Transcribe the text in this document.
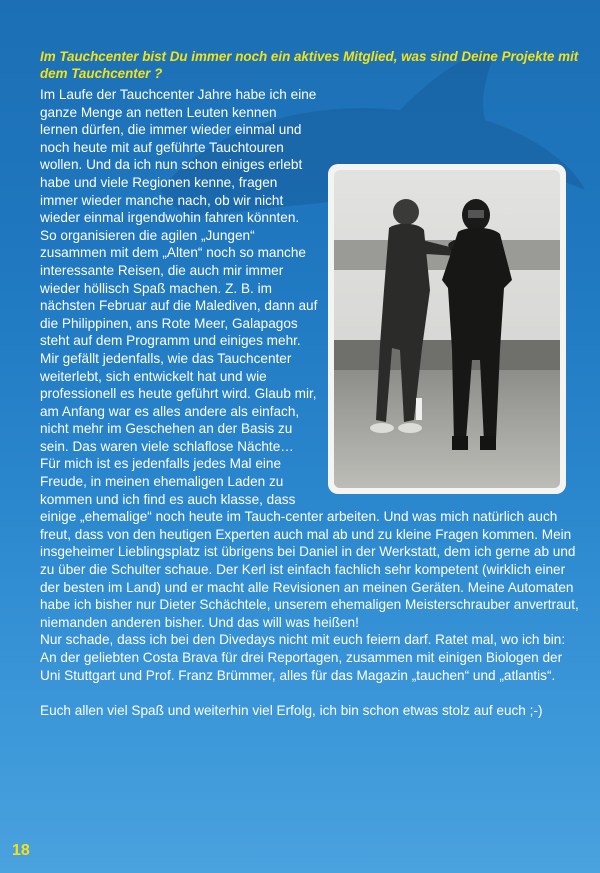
Im Tauchcenter bist Du immer noch ein aktives Mitglied, was sind Deine Projekte mit dem Tauchcenter ?

Im Laufe der Tauchcenter Jahre habe ich eine ganze Menge an netten Leuten kennen lernen dürfen, die immer wieder einmal und noch heute mit auf geführte Tauchtouren wollen. Und da ich nun schon einiges erlebt habe und viele Regionen kenne, fragen immer wieder manche nach, ob wir nicht wieder einmal irgendwohin fahren könnten. So organisieren die agilen „Jungen“ zusammen mit dem „Alten“ noch so manche interessante Reisen, die auch mir immer wieder höllisch Spaß machen. Z. B. im nächsten Februar auf die Malediven, dann auf die Philippinen, ans Rote Meer, Galapagos steht auf dem Programm und einiges mehr. Mir gefällt jedenfalls, wie das Tauchcenter weiterlebt, sich entwickelt hat und wie professionell es heute geführt wird. Glaub mir, am Anfang war es alles andere als einfach, nicht mehr im Geschehen an der Basis zu sein. Das waren viele schlaflose Nächte…

Für mich ist es jedenfalls jedes Mal eine Freude, in meinen ehemaligen Laden zu kommen und ich find es auch klasse, dass einige „ehemalige“ noch heute im Tauch-center arbeiten. Und was mich natürlich auch freut, dass von den heutigen Experten auch mal ab und zu kleine Fragen kommen. Mein insgeheimer Lieblingsplatz ist übrigens bei Daniel in der Werkstatt, dem ich gerne ab und zu über die Schulter schaue. Der Kerl ist einfach fachlich sehr kompetent (wirklich einer der besten im Land) und er macht alle Revisionen an meinen Geräten. Meine Automaten habe ich bisher nur Dieter Schächtele, unserem ehemaligen Meisterschrauber anvertraut, niemanden anderen bisher. Und das will was heißen!

Nur schade, dass ich bei den Divedays nicht mit euch feiern darf. Ratet mal, wo ich bin:

An der geliebten Costa Brava für drei Reportagen, zusammen mit einigen Biologen der Uni Stuttgart und Prof. Franz Brümmer, alles für das Magazin „tauchen“ und „atlantis“.

Euch allen viel Spaß und weiterhin viel Erfolg, ich bin schon etwas stolz auf euch ;-)

18
